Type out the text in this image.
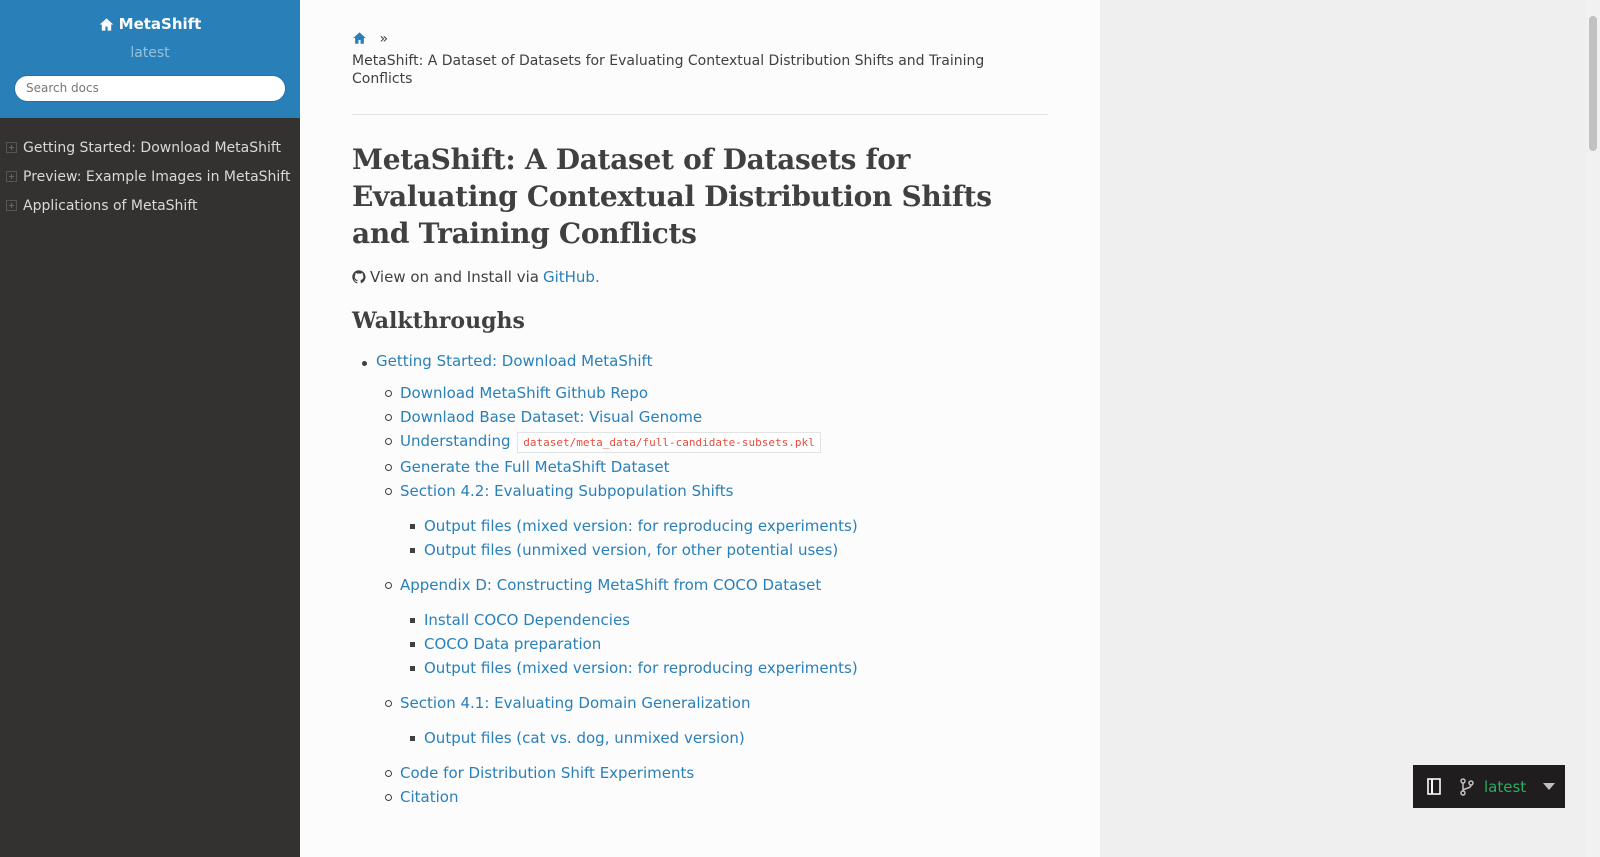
MetaShift
latest
Search docs
Getting Started: Download MetaShift
Preview: Example Images in MetaShift
Applications of MetaShift
»
MetaShift: A Dataset of Datasets for Evaluating Contextual Distribution Shifts and Training Conflicts
MetaShift: A Dataset of Datasets for Evaluating Contextual Distribution Shifts and Training Conflicts
View on and Install via GitHub.
Walkthroughs
Getting Started: Download MetaShift
Download MetaShift Github Repo
Downlaod Base Dataset: Visual Genome
Understanding dataset/meta_data/full-candidate-subsets.pkl
Generate the Full MetaShift Dataset
Section 4.2: Evaluating Subpopulation Shifts
Output files (mixed version: for reproducing experiments)
Output files (unmixed version, for other potential uses)
Appendix D: Constructing MetaShift from COCO Dataset
Install COCO Dependencies
COCO Data preparation
Output files (mixed version: for reproducing experiments)
Section 4.1: Evaluating Domain Generalization
Output files (cat vs. dog, unmixed version)
Code for Distribution Shift Experiments
Citation
latest
